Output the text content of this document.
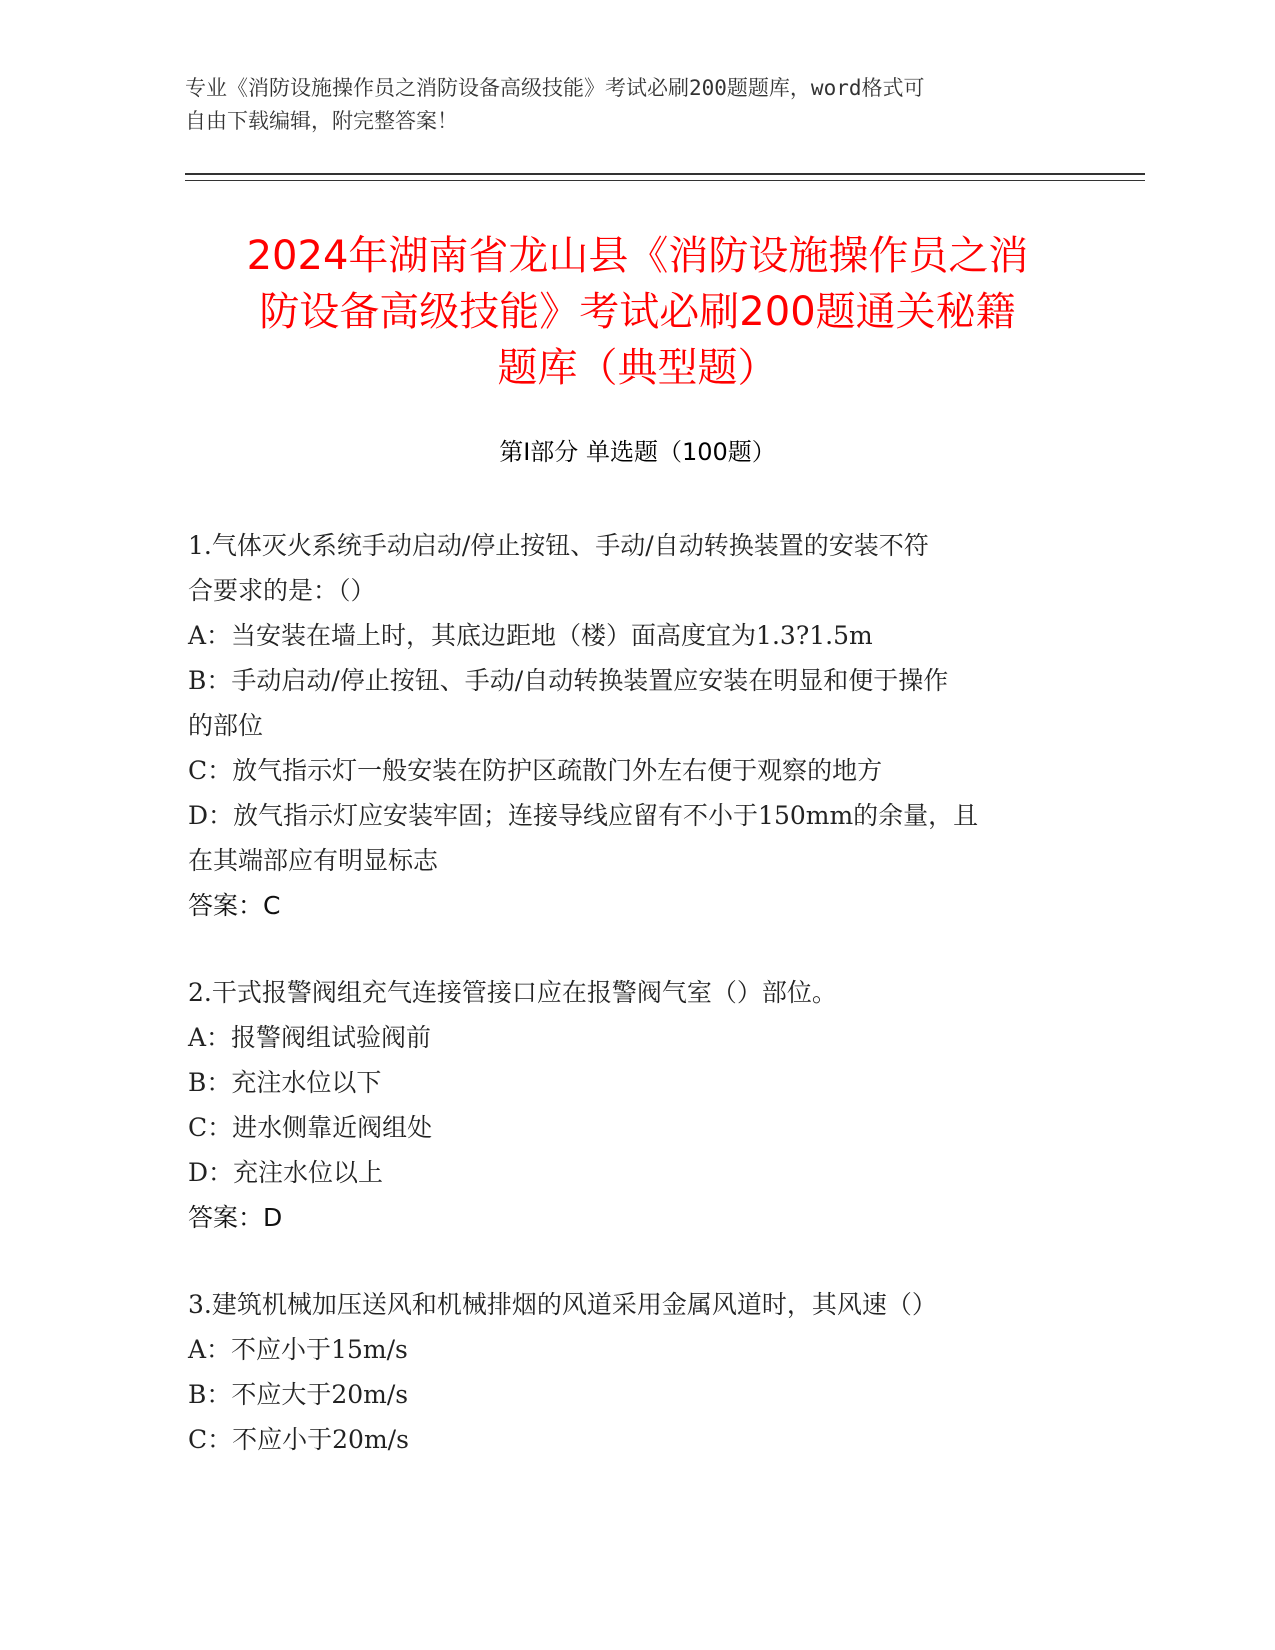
专业《消防设施操作员之消防设备高级技能》考试必刷200题题库，word格式可
自由下载编辑，附完整答案！
2024年湖南省龙山县《消防设施操作员之消
防设备高级技能》考试必刷200题通关秘籍
题库（典型题）
第Ⅰ部分 单选题（100题）
1.气体灭火系统手动启动/停止按钮、手动/自动转换装置的安装不符
合要求的是：（）
A：当安装在墙上时，其底边距地（楼）面高度宜为1.3?1.5m
B：手动启动/停止按钮、手动/自动转换装置应安装在明显和便于操作
的部位
C：放气指示灯一般安装在防护区疏散门外左右便于观察的地方
D：放气指示灯应安装牢固；连接导线应留有不小于150mm的余量，且
在其端部应有明显标志
答案：C
2.干式报警阀组充气连接管接口应在报警阀气室（）部位。
A：报警阀组试验阀前
B：充注水位以下
C：进水侧靠近阀组处
D：充注水位以上
答案：D
3.建筑机械加压送风和机械排烟的风道采用金属风道时，其风速（）
A：不应小于15m/s
B：不应大于20m/s
C：不应小于20m/s
